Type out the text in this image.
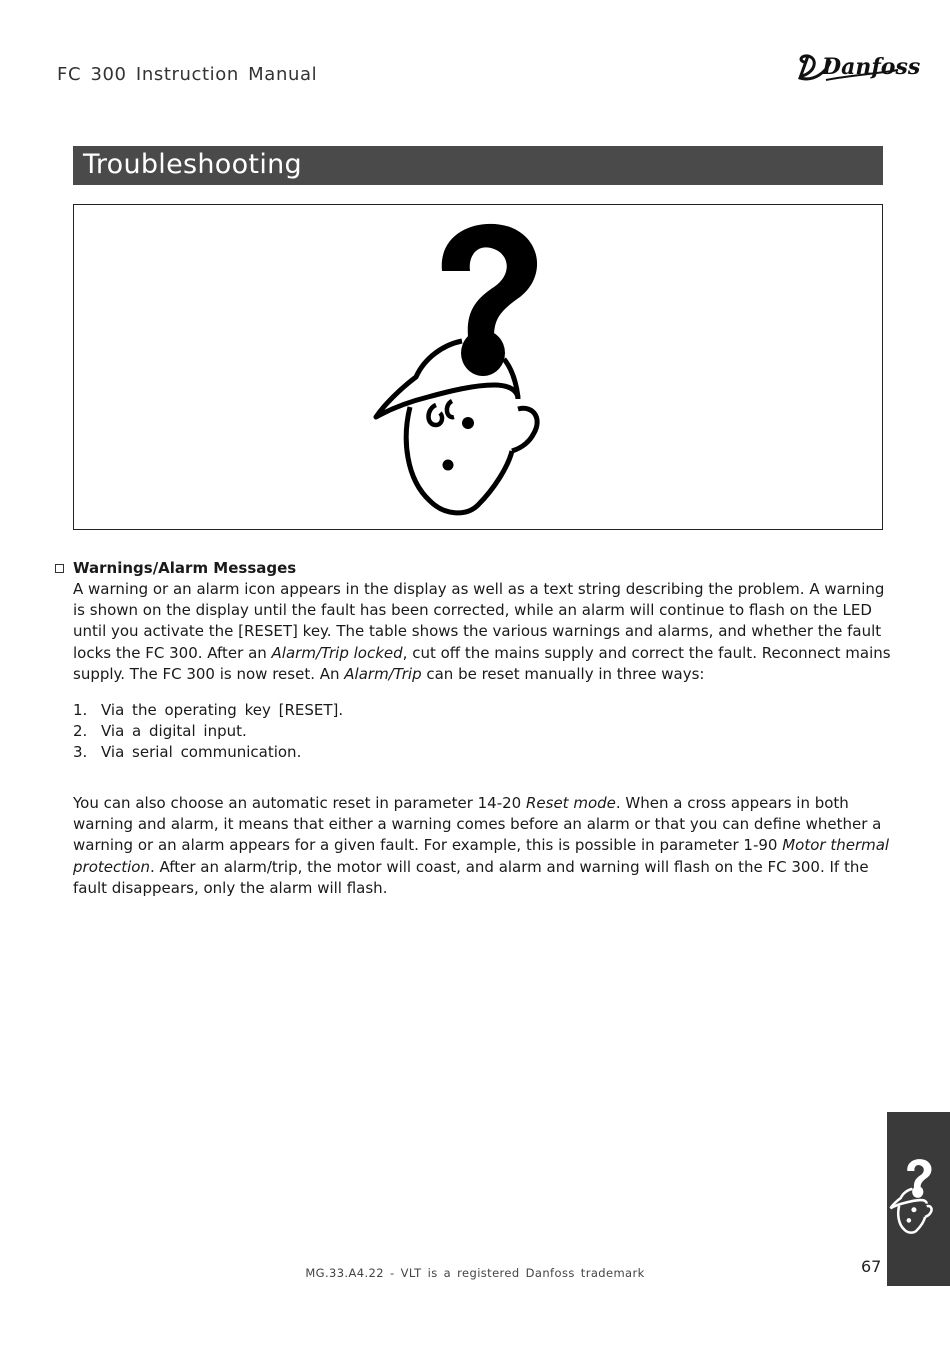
FC 300 Instruction Manual	Danfoss
Troubleshooting
Warnings/Alarm Messages

A warning or an alarm icon appears in the display as well as a text string describing the problem. A warning is shown on the display until the fault has been corrected, while an alarm will continue to flash on the LED until you activate the [RESET] key. The table shows the various warnings and alarms, and whether the fault locks the FC 300. After an Alarm/Trip locked, cut off the mains supply and correct the fault. Reconnect mains supply. The FC 300 is now reset. An Alarm/Trip can be reset manually in three ways:

1. Via the operating key [RESET].
2. Via a digital input.
3. Via serial communication.

You can also choose an automatic reset in parameter 14-20 Reset mode. When a cross appears in both warning and alarm, it means that either a warning comes before an alarm or that you can define whether a warning or an alarm appears for a given fault. For example, this is possible in parameter 1-90 Motor thermal protection. After an alarm/trip, the motor will coast, and alarm and warning will flash on the FC 300. If the fault disappears, only the alarm will flash.

MG.33.A4.22 - VLT is a registered Danfoss trademark	67
